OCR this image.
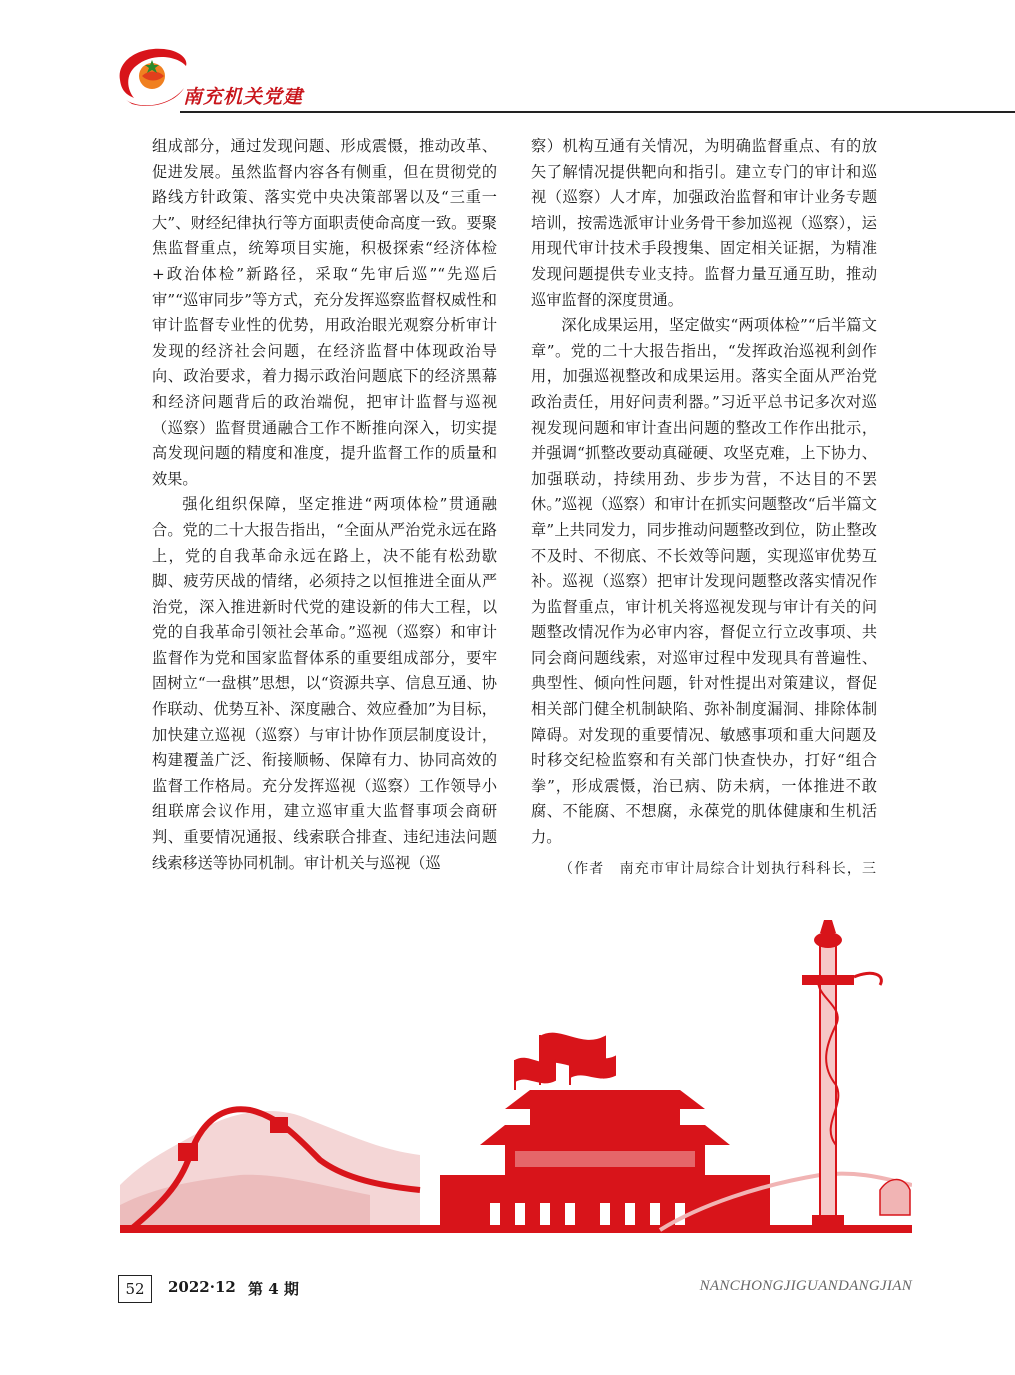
南充机关党建

组成部分，通过发现问题、形成震慑，推动改革、促进发展。虽然监督内容各有侧重，但在贯彻党的路线方针政策、落实党中央决策部署以及“三重一大”、财经纪律执行等方面职责使命高度一致。要聚焦监督重点，统筹项目实施，积极探索“经济体检+政治体检”新路径，采取“先审后巡”“先巡后审”“巡审同步”等方式，充分发挥巡察监督权威性和审计监督专业性的优势，用政治眼光观察分析审计发现的经济社会问题，在经济监督中体现政治导向、政治要求，着力揭示政治问题底下的经济黑幕和经济问题背后的政治端倪，把审计监督与巡视（巡察）监督贯通融合工作不断推向深入，切实提高发现问题的精度和准度，提升监督工作的质量和效果。

强化组织保障，坚定推进“两项体检”贯通融合。党的二十大报告指出，“全面从严治党永远在路上，党的自我革命永远在路上，决不能有松劲歇脚、疲劳厌战的情绪，必须持之以恒推进全面从严治党，深入推进新时代党的建设新的伟大工程，以党的自我革命引领社会革命。”巡视（巡察）和审计监督作为党和国家监督体系的重要组成部分，要牢固树立“一盘棋”思想，以“资源共享、信息互通、协作联动、优势互补、深度融合、效应叠加”为目标，加快建立巡视（巡察）与审计协作顶层制度设计，构建覆盖广泛、衔接顺畅、保障有力、协同高效的监督工作格局。充分发挥巡视（巡察）工作领导小组联席会议作用，建立巡审重大监督事项会商研判、重要情况通报、线索联合排查、违纪违法问题线索移送等协同机制。审计机关与巡视（巡

察）机构互通有关情况，为明确监督重点、有的放矢了解情况提供靶向和指引。建立专门的审计和巡视（巡察）人才库，加强政治监督和审计业务专题培训，按需选派审计业务骨干参加巡视（巡察），运用现代审计技术手段搜集、固定相关证据，为精准发现问题提供专业支持。监督力量互通互助，推动巡审监督的深度贯通。

深化成果运用，坚定做实“两项体检”“后半篇文章”。党的二十大报告指出，“发挥政治巡视利剑作用，加强巡视整改和成果运用。落实全面从严治党政治责任，用好问责利器。”习近平总书记多次对巡视发现问题和审计查出问题的整改工作作出批示，并强调“抓整改要动真碰硬、攻坚克难，上下协力、加强联动，持续用劲、步步为营，不达目的不罢休。”巡视（巡察）和审计在抓实问题整改“后半篇文章”上共同发力，同步推动问题整改到位，防止整改不及时、不彻底、不长效等问题，实现巡审优势互补。巡视（巡察）把审计发现问题整改落实情况作为监督重点，审计机关将巡视发现与审计有关的问题整改情况作为必审内容，督促立行立改事项、共同会商问题线索，对巡审过程中发现具有普遍性、典型性、倾向性问题，针对性提出对策建议，督促相关部门健全机制缺陷、弥补制度漏洞、排除体制障碍。对发现的重要情况、敏感事项和重大问题及时移交纪检监察和有关部门快查快办，打好“组合拳”，形成震慑，治已病、防未病，一体推进不敢腐、不能腐、不想腐，永葆党的肌体健康和生机活力。

（作者　南充市审计局综合计划执行科科长，三

52	2022·12 第 4 期	NANCHONGJIGUANDANGJIAN
